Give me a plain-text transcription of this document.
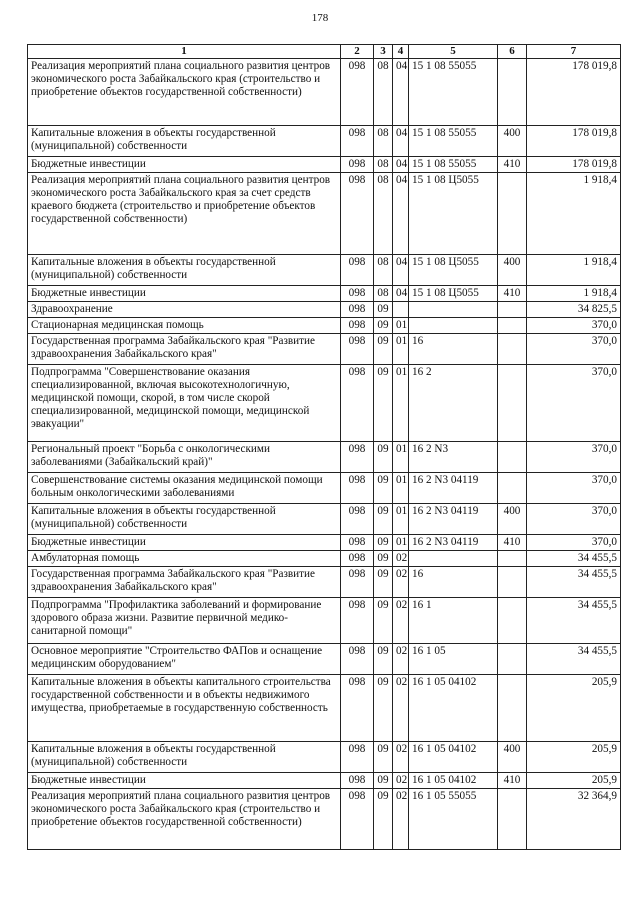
178
1	2	3	4	5	6	7
Реализация мероприятий плана социального развития центров экономического роста Забайкальского края (строительство и приобретение объектов государственной собственности)	098	08	04	15 1 08 55055		178 019,8
Капитальные вложения в объекты государственной (муниципальной) собственности	098	08	04	15 1 08 55055	400	178 019,8
Бюджетные инвестиции	098	08	04	15 1 08 55055	410	178 019,8
Реализация мероприятий плана социального развития центров экономического роста Забайкальского края за счет средств краевого бюджета (строительство и приобретение объектов государственной собственности)	098	08	04	15 1 08 Ц5055		1 918,4
Капитальные вложения в объекты государственной (муниципальной) собственности	098	08	04	15 1 08 Ц5055	400	1 918,4
Бюджетные инвестиции	098	08	04	15 1 08 Ц5055	410	1 918,4
Здравоохранение	098	09				34 825,5
Стационарная медицинская помощь	098	09	01			370,0
Государственная программа Забайкальского края "Развитие здравоохранения Забайкальского края"	098	09	01	16		370,0
Подпрограмма "Совершенствование оказания специализированной, включая высокотехнологичную, медицинской помощи, скорой, в том числе скорой специализированной, медицинской помощи, медицинской эвакуации"	098	09	01	16 2		370,0
Региональный проект "Борьба с онкологическими заболеваниями (Забайкальский край)"	098	09	01	16 2 N3		370,0
Совершенствование системы оказания медицинской помощи больным онкологическими заболеваниями	098	09	01	16 2 N3 04119		370,0
Капитальные вложения в объекты государственной (муниципальной) собственности	098	09	01	16 2 N3 04119	400	370,0
Бюджетные инвестиции	098	09	01	16 2 N3 04119	410	370,0
Амбулаторная помощь	098	09	02			34 455,5
Государственная программа Забайкальского края "Развитие здравоохранения Забайкальского края"	098	09	02	16		34 455,5
Подпрограмма "Профилактика заболеваний и формирование здорового образа жизни. Развитие первичной медико-санитарной помощи"	098	09	02	16 1		34 455,5
Основное мероприятие "Строительство ФАПов и оснащение медицинским оборудованием"	098	09	02	16 1 05		34 455,5
Капитальные вложения в объекты капитального строительства государственной собственности и в объекты недвижимого имущества, приобретаемые в государственную собственность	098	09	02	16 1 05 04102		205,9
Капитальные вложения в объекты государственной (муниципальной) собственности	098	09	02	16 1 05 04102	400	205,9
Бюджетные инвестиции	098	09	02	16 1 05 04102	410	205,9
Реализация мероприятий плана социального развития центров экономического роста Забайкальского края (строительство и приобретение объектов государственной собственности)	098	09	02	16 1 05 55055		32 364,9
